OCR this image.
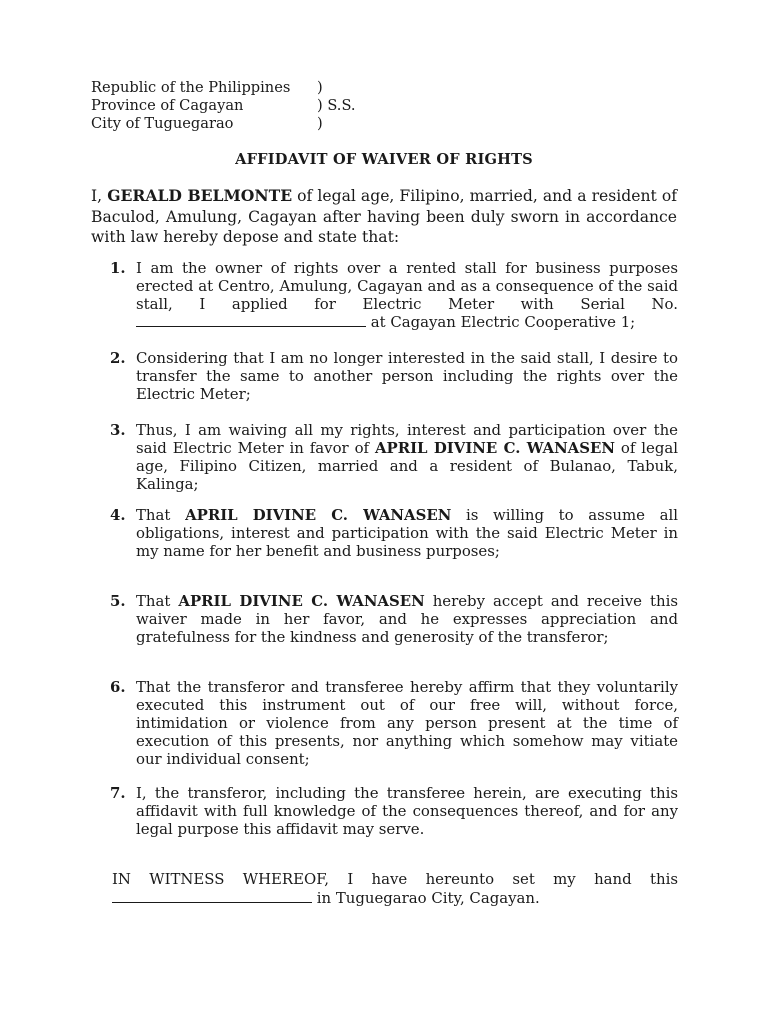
Republic of the Philippines )
Province of Cagayan	) S.S.
City of Tuguegarao	)
AFFIDAVIT OF WAIVER OF RIGHTS

I, GERALD BELMONTE of legal age, Filipino, married, and a resident of Baculod, Amulung, Cagayan after having been duly sworn in accordance with law hereby depose and state that:

1. I am the owner of rights over a rented stall for business purposes erected at Centro, Amulung, Cagayan and as a consequence of the said stall, I applied for Electric Meter with Serial No.
at Cagayan Electric Cooperative 1;
2. Considering that I am no longer interested in the said stall, I desire to transfer the same to another person including the rights over the Electric Meter;
3. Thus, I am waiving all my rights, interest and participation over the said Electric Meter in favor of APRIL DIVINE C. WANASEN of legal age, Filipino Citizen, married and a resident of Bulanao, Tabuk, Kalinga;
4. That APRIL DIVINE C. WANASEN is willing to assume all obligations, interest and participation with the said Electric Meter in my name for her benefit and business purposes;
5. That APRIL DIVINE C. WANASEN hereby accept and receive this waiver made in her favor, and he expresses appreciation and gratefulness for the kindness and generosity of the transferor;
6. That the transferor and transferee hereby affirm that they voluntarily executed this instrument out of our free will, without force, intimidation or violence from any person present at the time of execution of this presents, nor anything which somehow may vitiate our individual consent;
7. I, the transferor, including the transferee herein, are executing this affidavit with full knowledge of the consequences thereof, and for any legal purpose this affidavit may serve.
IN WITNESS WHEREOF, I have hereunto set my hand this
in Tuguegarao City, Cagayan.
